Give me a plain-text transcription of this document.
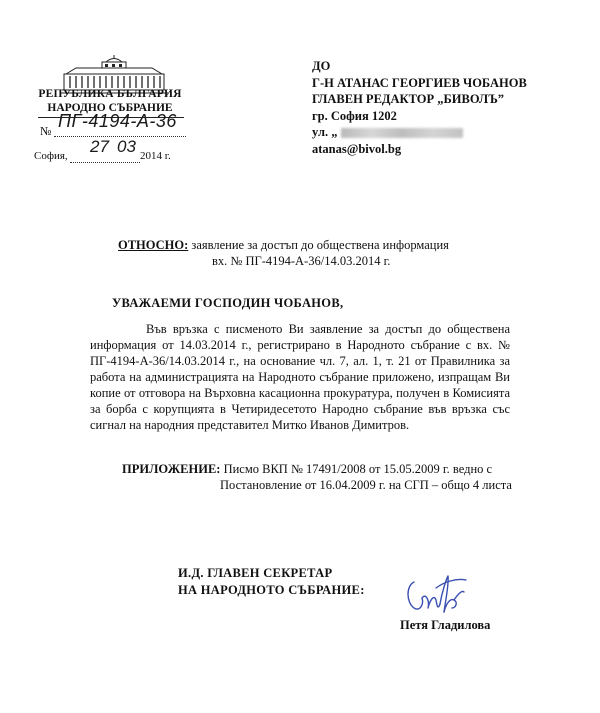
РЕПУБЛИКА БЪЛГАРИЯ
НАРОДНО СЪБРАНИЕ
№ ПГ-4194-А-36
София, 27 03 2014 г.
ДО
Г-Н АТАНАС ГЕОРГИЕВ ЧОБАНОВ
ГЛАВЕН РЕДАКТОР „БИВОЛЪ”
гр. София 1202
ул. „
atanas@bivol.bg
ОТНОСНО: заявление за достъп до обществена информация
вх. № ПГ-4194-А-36/14.03.2014 г.
УВАЖАЕМИ ГОСПОДИН ЧОБАНОВ,

Във връзка с писменото Ви заявление за достъп до обществена информация от 14.03.2014 г., регистрирано в Народното събрание с вх. № ПГ-4194-А-36/14.03.2014 г., на основание чл. 7, ал. 1, т. 21 от Правилника за работа на администрацията на Народното събрание приложено, изпращам Ви копие от отговора на Върховна касационна прокуратура, получен в Комисията за борба с корупцията в Четиридесетото Народно събрание във връзка със сигнал на народния представител Митко Иванов Димитров.

ПРИЛОЖЕНИЕ: Писмо ВКП № 17491/2008 от 15.05.2009 г. ведно с
Постановление от 16.04.2009 г. на СГП – общо 4 листа
И.Д. ГЛАВЕН СЕКРЕТАР
НА НАРОДНОТО СЪБРАНИЕ:
Петя Гладилова
